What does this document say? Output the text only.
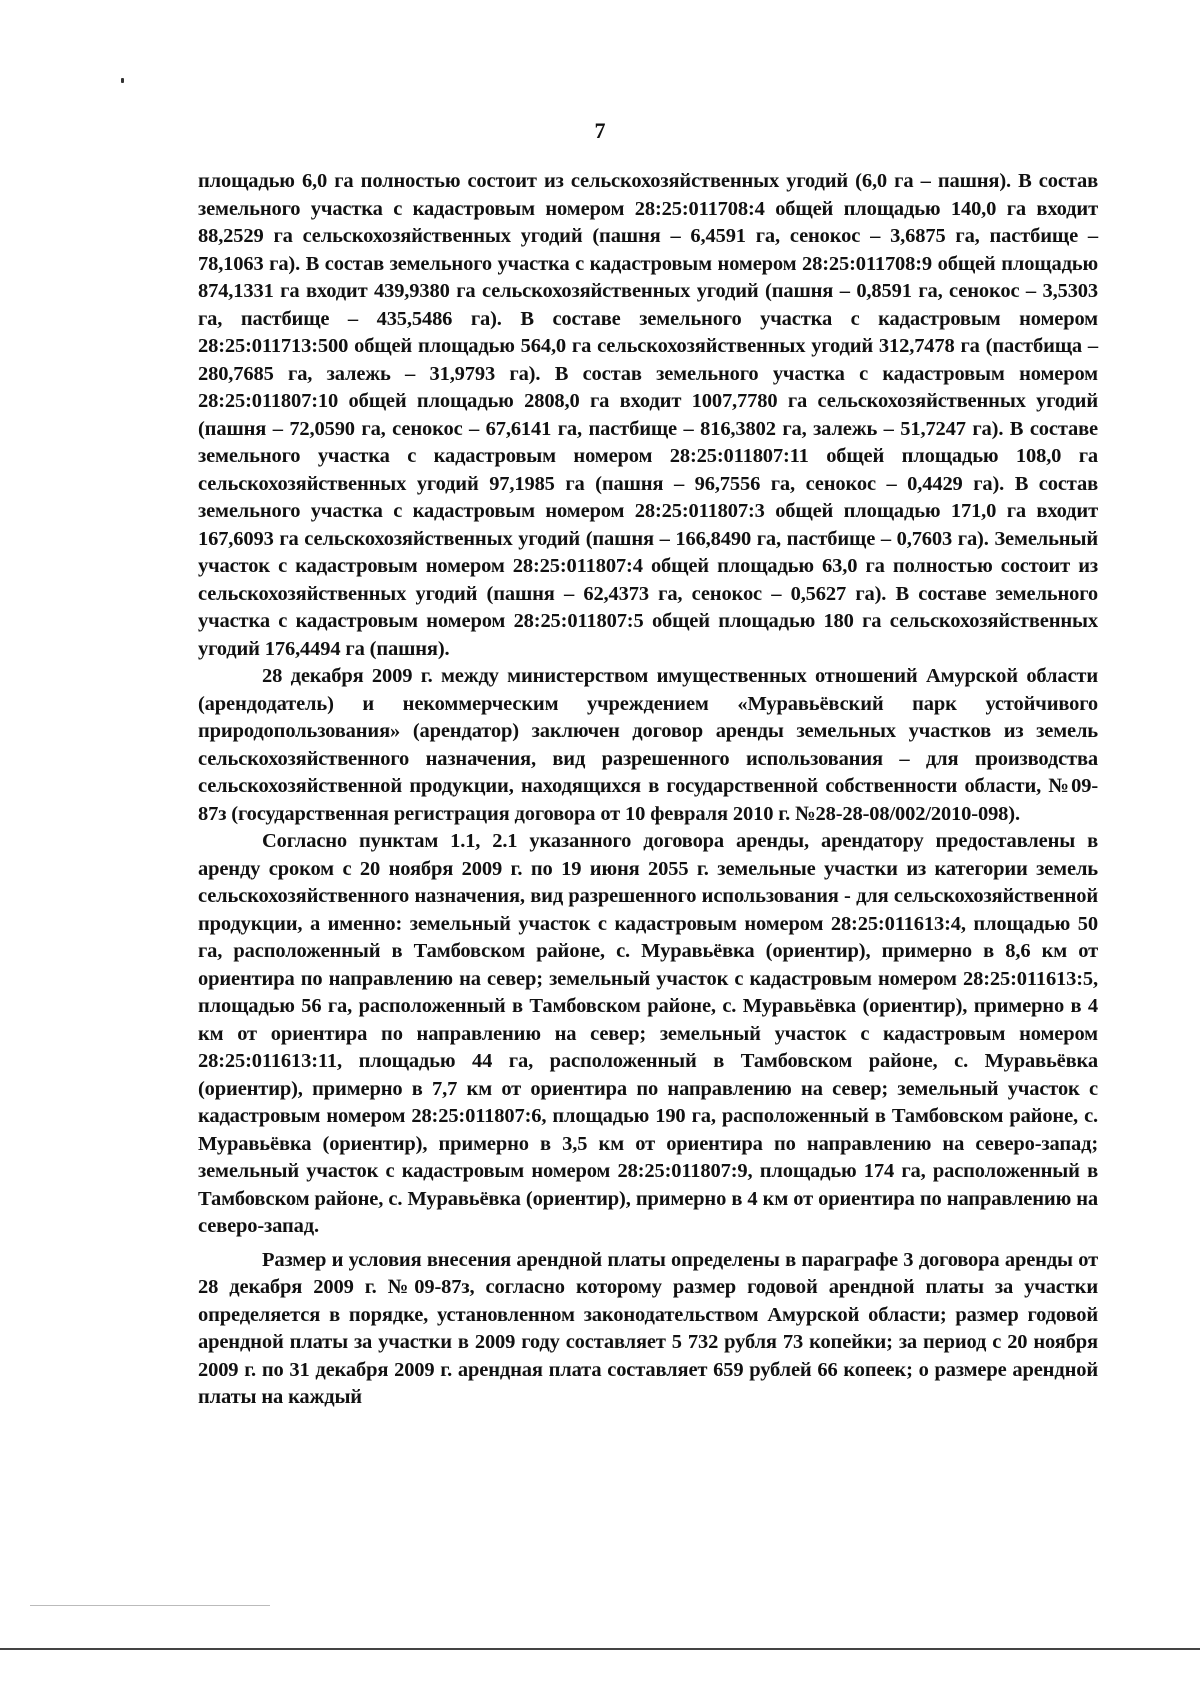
7

площадью 6,0 га полностью состоит из сельскохозяйственных угодий (6,0 га – пашня). В состав земельного участка с кадастровым номером 28:25:011708:4 общей площадью 140,0 га входит 88,2529 га сельскохозяйственных угодий (пашня – 6,4591 га, сенокос – 3,6875 га, пастбище – 78,1063 га). В состав земельного участка с кадастровым номером 28:25:011708:9 общей площадью 874,1331 га входит 439,9380 га сельскохозяйственных угодий (пашня – 0,8591 га, сенокос – 3,5303 га, пастбище – 435,5486 га). В составе земельного участка с кадастровым номером 28:25:011713:500 общей площадью 564,0 га сельскохозяйственных угодий 312,7478 га (пастбища – 280,7685 га, залежь – 31,9793 га). В состав земельного участка с кадастровым номером 28:25:011807:10 общей площадью 2808,0 га входит 1007,7780 га сельскохозяйственных угодий (пашня – 72,0590 га, сенокос – 67,6141 га, пастбище – 816,3802 га, залежь – 51,7247 га). В составе земельного участка с кадастровым номером 28:25:011807:11 общей площадью 108,0 га сельскохозяйственных угодий 97,1985 га (пашня – 96,7556 га, сенокос – 0,4429 га). В состав земельного участка с кадастровым номером 28:25:011807:3 общей площадью 171,0 га входит 167,6093 га сельскохозяйственных угодий (пашня – 166,8490 га, пастбище – 0,7603 га). Земельный участок с кадастровым номером 28:25:011807:4 общей площадью 63,0 га полностью состоит из сельскохозяйственных угодий (пашня – 62,4373 га, сенокос – 0,5627 га). В составе земельного участка с кадастровым номером 28:25:011807:5 общей площадью 180 га сельскохозяйственных угодий 176,4494 га (пашня).

28 декабря 2009 г. между министерством имущественных отношений Амурской области (арендодатель) и некоммерческим учреждением «Муравьёвский парк устойчивого природопользования» (арендатор) заключен договор аренды земельных участков из земель сельскохозяйственного назначения, вид разрешенного использования – для производства сельскохозяйственной продукции, находящихся в государственной собственности области, №09-87з (государственная регистрация договора от 10 февраля 2010 г. №28-28-08/002/2010-098).

Согласно пунктам 1.1, 2.1 указанного договора аренды, арендатору предоставлены в аренду сроком с 20 ноября 2009 г. по 19 июня 2055 г. земельные участки из категории земель сельскохозяйственного назначения, вид разрешенного использования - для сельскохозяйственной продукции, а именно: земельный участок с кадастровым номером 28:25:011613:4, площадью 50 га, расположенный в Тамбовском районе, с. Муравьёвка (ориентир), примерно в 8,6 км от ориентира по направлению на север; земельный участок с кадастровым номером 28:25:011613:5, площадью 56 га, расположенный в Тамбовском районе, с. Муравьёвка (ориентир), примерно в 4 км от ориентира по направлению на север; земельный участок с кадастровым номером 28:25:011613:11, площадью 44 га, расположенный в Тамбовском районе, с. Муравьёвка (ориентир), примерно в 7,7 км от ориентира по направлению на север; земельный участок с кадастровым номером 28:25:011807:6, площадью 190 га, расположенный в Тамбовском районе, с. Муравьёвка (ориентир), примерно в 3,5 км от ориентира по направлению на северо-запад; земельный участок с кадастровым номером 28:25:011807:9, площадью 174 га, расположенный в Тамбовском районе, с. Муравьёвка (ориентир), примерно в 4 км от ориентира по направлению на северо-запад.

Размер и условия внесения арендной платы определены в параграфе 3 договора аренды от 28 декабря 2009 г. №09-87з, согласно которому размер годовой арендной платы за участки определяется в порядке, установленном законодательством Амурской области; размер годовой арендной платы за участки в 2009 году составляет 5 732 рубля 73 копейки; за период с 20 ноября 2009 г. по 31 декабря 2009 г. арендная плата составляет 659 рублей 66 копеек; о размере арендной платы на каждый
